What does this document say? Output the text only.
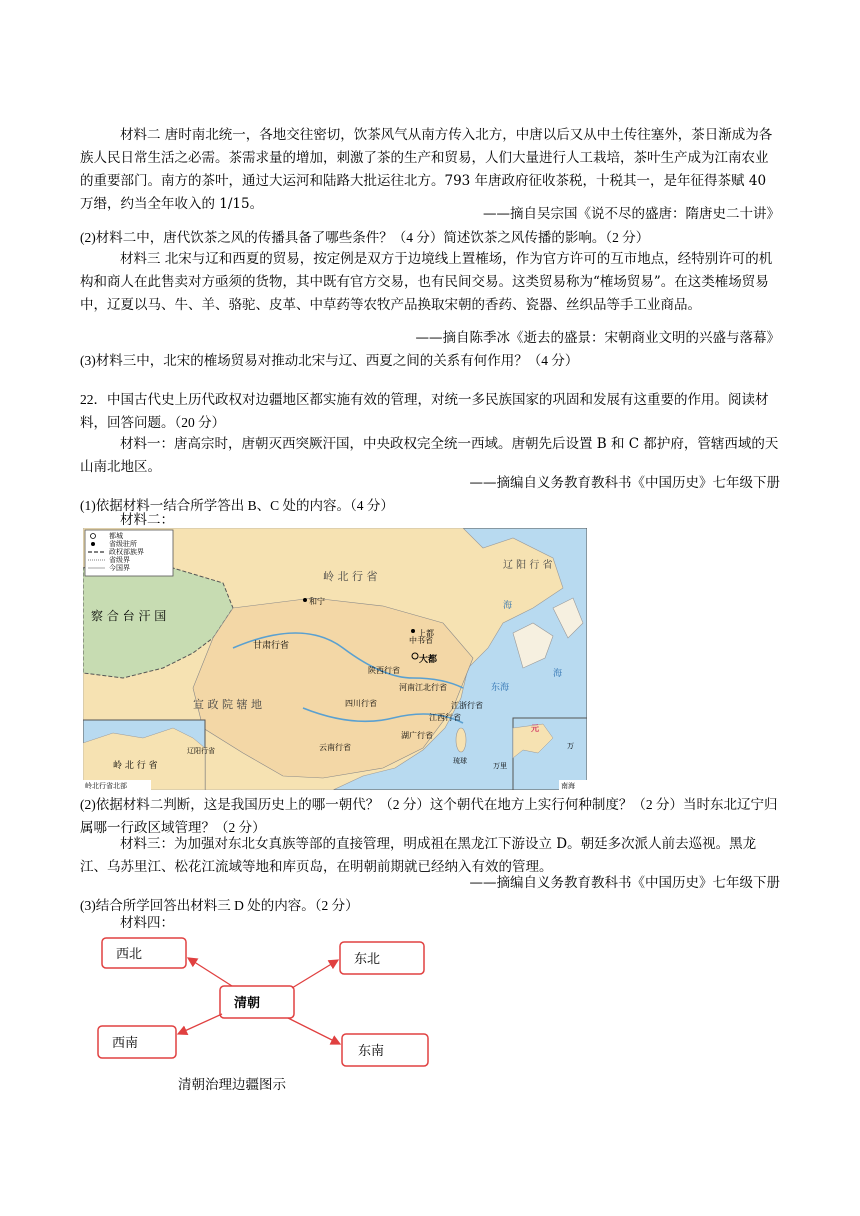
材料二 唐时南北统一，各地交往密切，饮茶风气从南方传入北方，中唐以后又从中土传往塞外，茶日渐成为各族人民日常生活之必需。茶需求量的增加，刺激了茶的生产和贸易，人们大量进行人工栽培，茶叶生产成为江南农业的重要部门。南方的茶叶，通过大运河和陆路大批运往北方。793 年唐政府征收茶税，十税其一，是年征得茶赋 40 万缗，约当全年收入的 1/15。

——摘自吴宗国《说不尽的盛唐：隋唐史二十讲》

(2)材料二中，唐代饮茶之风的传播具备了哪些条件？（4 分）简述饮茶之风传播的影响。（2 分）

材料三 北宋与辽和西夏的贸易，按定例是双方于边境线上置榷场，作为官方许可的互市地点，经特别许可的机构和商人在此售卖对方亟须的货物，其中既有官方交易，也有民间交易。这类贸易称为“榷场贸易”。在这类榷场贸易中，辽夏以马、牛、羊、骆驼、皮革、中草药等农牧产品换取宋朝的香药、瓷器、丝织品等手工业商品。

——摘自陈季冰《逝去的盛景：宋朝商业文明的兴盛与落幕》

(3)材料三中，北宋的榷场贸易对推动北宋与辽、西夏之间的关系有何作用？（4 分）

22．中国古代史上历代政权对边疆地区都实施有效的管理，对统一多民族国家的巩固和发展有这重要的作用。阅读材料，回答问题。（20 分）

材料一：唐高宗时，唐朝灭西突厥汗国，中央政权完全统一西域。唐朝先后设置 B 和 C 都护府，管辖西域的天山南北地区。

——摘编自义务教育教科书《中国历史》七年级下册

(1)依据材料一结合所学答出 B、C 处的内容。（4 分）

材料二：

都城
省级驻所
政权部族界
省级界
今国界
察 合 台 汗 国
岭 北 行 省
辽 阳 行 省
甘肃行省
宣 政 院 辖 地
陕西行省
中书省
四川行省
河南江北行省
江浙行省
湖广行省
江西行省
云南行省
和宁
上都
大都
东海
海
海
琉球
万里
辽阳行省
岭 北 行 省
岭北行省北部
元
万
南海

(2)依据材料二判断，这是我国历史上的哪一朝代？（2 分）这个朝代在地方上实行何种制度？（2 分）当时东北辽宁归属哪一行政区域管理？（2 分）

材料三：为加强对东北女真族等部的直接管理，明成祖在黑龙江下游设立 D。朝廷多次派人前去巡视。黑龙江、乌苏里江、松花江流域等地和库页岛，在明朝前期就已经纳入有效的管理。

——摘编自义务教育教科书《中国历史》七年级下册

(3)结合所学回答出材料三 D 处的内容。（2 分）

材料四：

西北	东北
清朝
西南
东南
清朝治理边疆图示
